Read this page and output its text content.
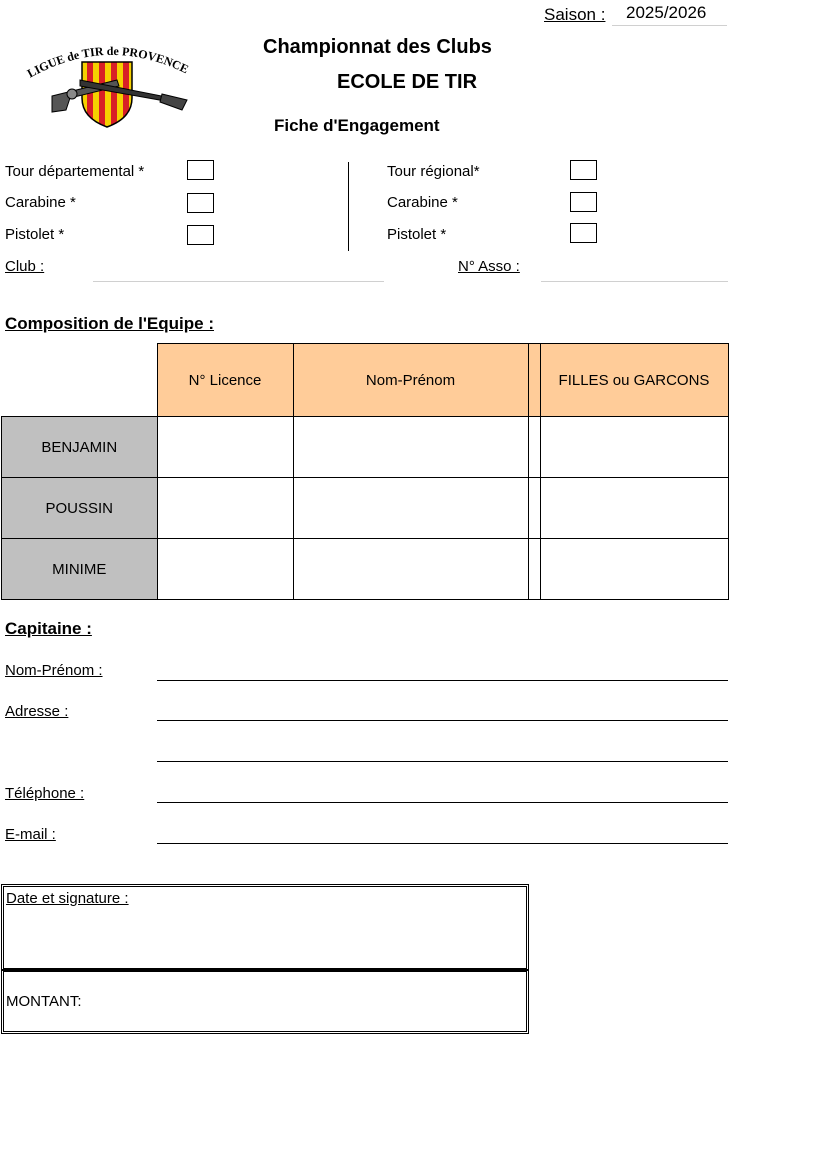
Saison : 2025/2026
LIGUE de TIR de PROVENCE
Championnat des Clubs
ECOLE DE TIR
Fiche d'Engagement
Tour départemental *
Carabine *
Pistolet *
Tour régional*
Carabine *
Pistolet *
Club :	N° Asso :
Composition de l'Equipe :
	N° Licence	Nom-Prénom		FILLES ou GARCONS
BENJAMIN				
POUSSIN				
MINIME				
Capitaine :
Nom-Prénom :
Adresse :
Téléphone :
E-mail :
Date et signature :
MONTANT:
